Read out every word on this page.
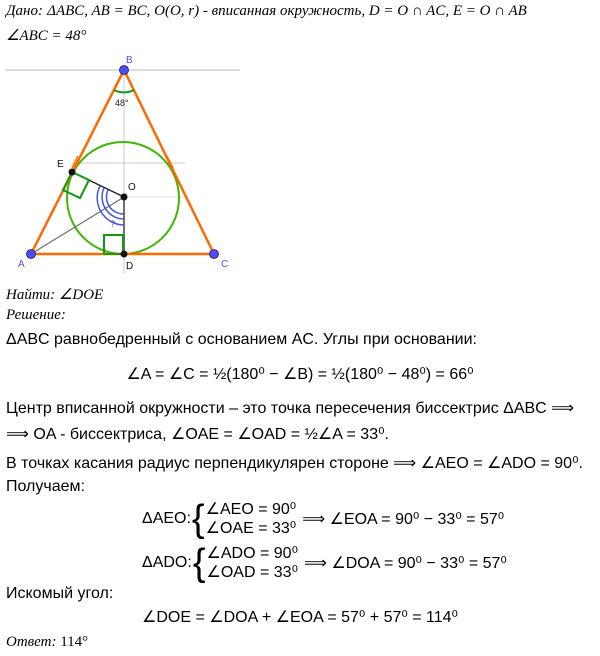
Дано: ΔABC, AB = BC, O(O, r) - вписанная окружность, D = O ∩ AC, E = O ∩ AB
∠ABC = 48°
B
A	C
D
E
O
48°
?
Найти: ∠DOE
Решение:
ΔABC равнобедренный с основанием AC. Углы при основании:
∠A = ∠C = ½(180⁰ − ∠B) = ½(180⁰ − 48⁰) = 66⁰
Центр вписанной окружности – это точка пересечения биссектрис ΔABC ⟹
⟹ OA - биссектриса, ∠OAE = ∠OAD = ½∠A = 33⁰.
В точках касания радиус перпендикулярен стороне ⟹ ∠AEO = ∠ADO = 90⁰.
Получаем:
ΔAEO: { ∠AEO = 90⁰
∠OAE = 33⁰
⟹ ∠EOA = 90⁰ − 33⁰ = 57⁰
ΔADO: { ∠ADO = 90⁰
∠OAD = 33⁰
⟹ ∠DOA = 90⁰ − 33⁰ = 57⁰
Искомый угол:
∠DOE = ∠DOA + ∠EOA = 57⁰ + 57⁰ = 114⁰
Ответ: 114°
